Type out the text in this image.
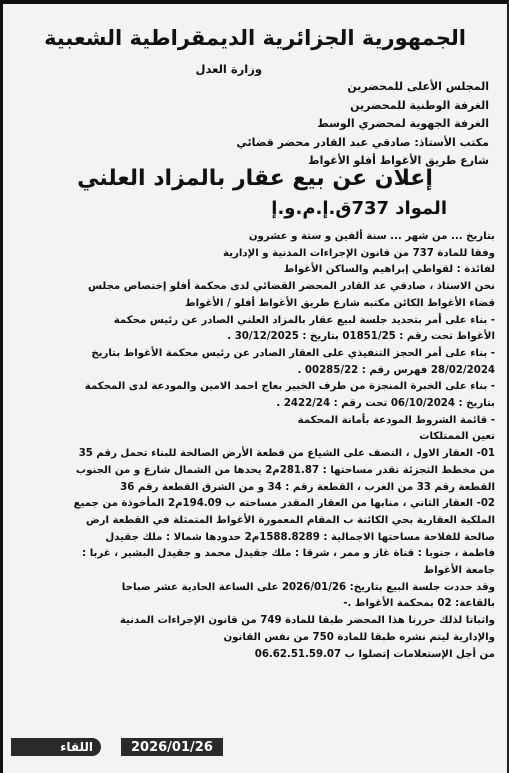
الجمهورية الجزائرية الديمقراطية الشعبية
وزارة العدل
المجلس الأعلى للمحضرين
الغرفة الوطنية للمحضرين
الغرفة الجهوية لمحضري الوسط
مكتب الأستاذ: صادقي عبد القادر محضر قضائي
شارع طريق الأغواط أفلو الأغواط
إعلان عن بيع عقار بالمزاد العلني
المواد 737ق.إ.م.و.إ
بتاريخ ... من شهر ... سنة ألفين و ستة و عشرون
وفقا للمادة 737 من قانون الإجراءات المدنية و الإدارية
لفائدة : لقواطي إبراهيم والساكن الأغواط
نحن الاستاذ ، صادقي عد القادر المحضر القضائي لدى محكمة أفلو إختصاص مجلس
قضاء الأغواط الكائن مكتبه شارع طريق الأغواط أفلو / الأغواط
- بناء على أمر بتحديد جلسة لبيع عقار بالمزاد العلني الصادر عن رئيس محكمة
الأغواط تحت رقم : 01851/25 بتاريخ : 30/12/2025 .
- بناء على أمر الحجز التنفيذي على العقار الصادر عن رئيس محكمة الأغواط بتاريخ
28/02/2024 فهرس رقم : 00285/22 .
- بناء على الخبرة المنجزة من طرف الخبير بعاج احمد الامين والمودعة لدى المحكمة
بتاريخ : 06/10/2024 تحت رقم : 2422/24 .
- قائمة الشروط المودعة بأمانة المحكمة
تعين الممتلكات
01- العقار الاول ، النصف على الشياع من قطعة الأرض الصالحة للبناء تحمل رقم 35
من مخطط التجزئة تقدر مساحتها : 281.87م2 يحدها من الشمال شارع و من الجنوب
القطعة رقم 33 من الغرب ، القطعة رقم : 34 و من الشرق القطعة رقم 36
02- العقار الثاني ، منابها من العقار المقدر مساحته ب 194.09م2 المأخوذة من جميع
الملكية العقارية بحي الكائنة ب المقام المعمورة الأغواط المتمثلة في القطعة ارض
صالحة للفلاحة مساحتها الاجمالية : 1588.8289م2 حدودها شمالا : ملك جقيدل
فاطمة ، جنوبا : قناة غاز و ممر ، شرقا : ملك جقيدل محمد و جقيدل البشير ، غربا :
جامعة الأغواط
وقد حددت جلسة البيع بتاريخ: 2026/01/26 على الساعة الحادية عشر صباحا
بالقاعة: 02 بمحكمة الأغواط .-
واثباتا لذلك حررنا هذا المحضر طبقا للمادة 749 من قانون الإجراءات المدنية
والإدارية ليتم نشره طبقا للمادة 750 من نفس القانون
من أجل الإستعلامات إتصلوا ب 06.62.51.59.07
اللقاء	2026/01/26
